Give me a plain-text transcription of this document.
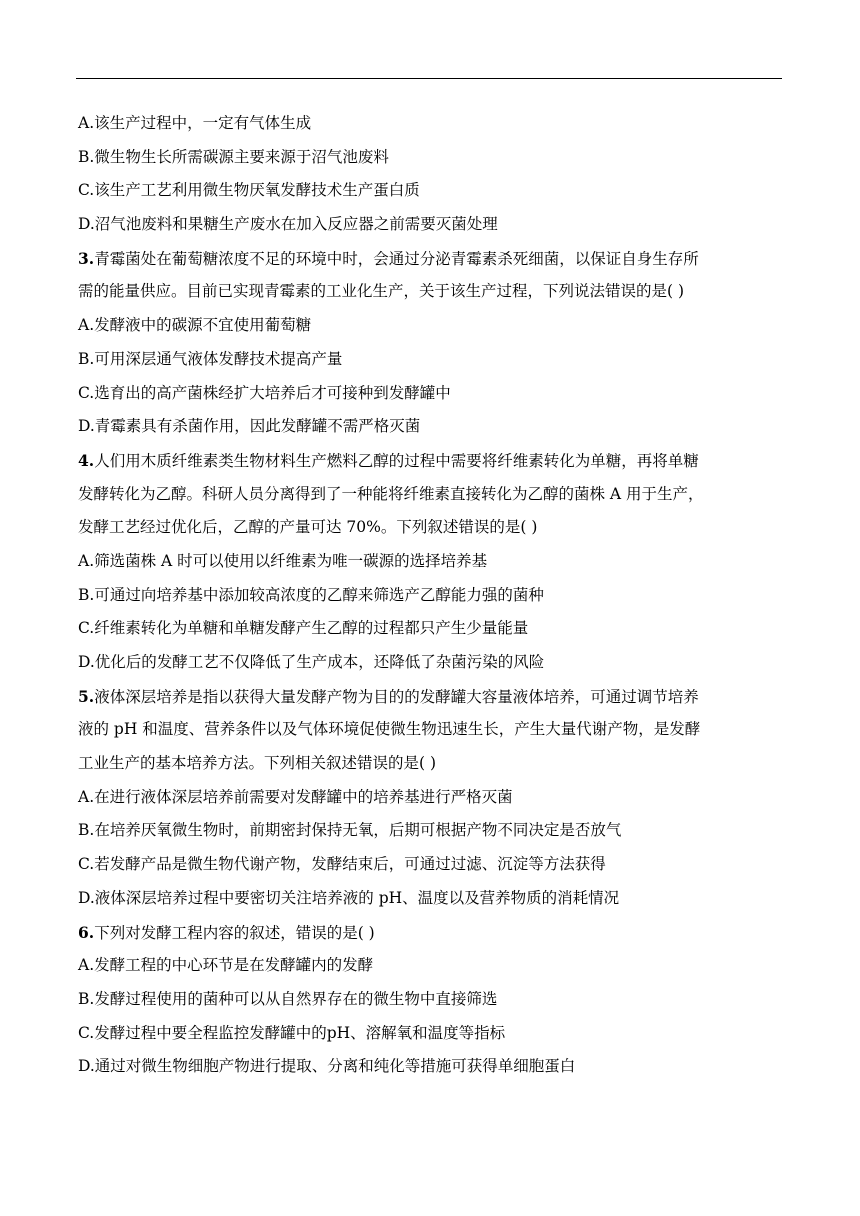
A.该生产过程中，一定有气体生成
B.微生物生长所需碳源主要来源于沼气池废料
C.该生产工艺利用微生物厌氧发酵技术生产蛋白质
D.沼气池废料和果糖生产废水在加入反应器之前需要灭菌处理
3.青霉菌处在葡萄糖浓度不足的环境中时，会通过分泌青霉素杀死细菌，以保证自身生存所
需的能量供应。目前已实现青霉素的工业化生产，关于该生产过程，下列说法错误的是( )
A.发酵液中的碳源不宜使用葡萄糖
B.可用深层通气液体发酵技术提高产量
C.选育出的高产菌株经扩大培养后才可接种到发酵罐中
D.青霉素具有杀菌作用，因此发酵罐不需严格灭菌
4.人们用木质纤维素类生物材料生产燃料乙醇的过程中需要将纤维素转化为单糖，再将单糖
发酵转化为乙醇。科研人员分离得到了一种能将纤维素直接转化为乙醇的菌株 A 用于生产，
发酵工艺经过优化后，乙醇的产量可达 70%。下列叙述错误的是( )
A.筛选菌株 A 时可以使用以纤维素为唯一碳源的选择培养基
B.可通过向培养基中添加较高浓度的乙醇来筛选产乙醇能力强的菌种
C.纤维素转化为单糖和单糖发酵产生乙醇的过程都只产生少量能量
D.优化后的发酵工艺不仅降低了生产成本，还降低了杂菌污染的风险
5.液体深层培养是指以获得大量发酵产物为目的的发酵罐大容量液体培养，可通过调节培养
液的 pH 和温度、营养条件以及气体环境促使微生物迅速生长，产生大量代谢产物，是发酵
工业生产的基本培养方法。下列相关叙述错误的是( )
A.在进行液体深层培养前需要对发酵罐中的培养基进行严格灭菌
B.在培养厌氧微生物时，前期密封保持无氧，后期可根据产物不同决定是否放气
C.若发酵产品是微生物代谢产物，发酵结束后，可通过过滤、沉淀等方法获得
D.液体深层培养过程中要密切关注培养液的 pH、温度以及营养物质的消耗情况
6.下列对发酵工程内容的叙述，错误的是( )
A.发酵工程的中心环节是在发酵罐内的发酵
B.发酵过程使用的菌种可以从自然界存在的微生物中直接筛选
C.发酵过程中要全程监控发酵罐中的pH、溶解氧和温度等指标
D.通过对微生物细胞产物进行提取、分离和纯化等措施可获得单细胞蛋白
